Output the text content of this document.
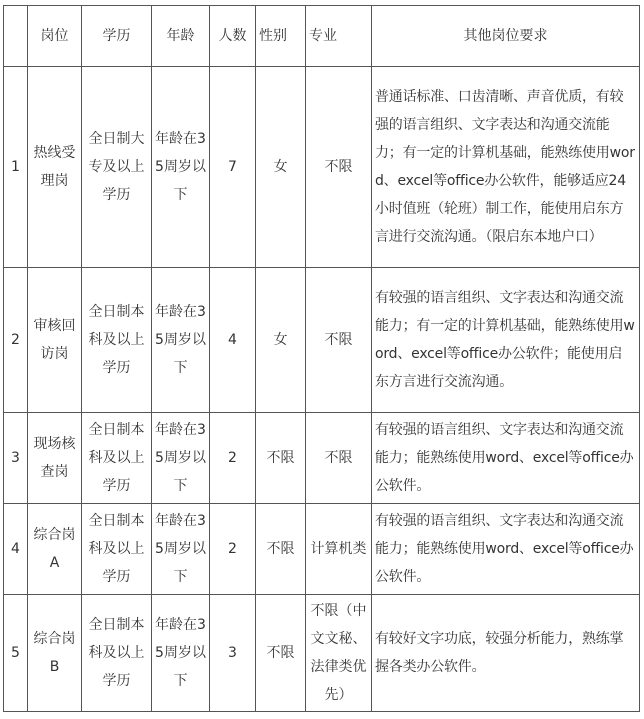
	岗位	学历	年龄	人数	性别	专业	其他岗位要求
1	热线受理岗	全日制大专及以上学历	年龄在35周岁以下	7	女	不限	普通话标准、口齿清晰、声音优质，有较强的语言组织、文字表达和沟通交流能力；有一定的计算机基础，能熟练使用word、excel等office办公软件，能够适应24小时值班（轮班）制工作，能使用启东方言进行交流沟通。（限启东本地户口）
2	审核回访岗	全日制本科及以上学历	年龄在35周岁以下	4	女	不限	有较强的语言组织、文字表达和沟通交流能力；有一定的计算机基础，能熟练使用word、excel等office办公软件；能使用启东方言进行交流沟通。
3	现场核查岗	全日制本科及以上学历	年龄在35周岁以下	2	不限	不限	有较强的语言组织、文字表达和沟通交流能力；能熟练使用word、excel等office办公软件。
4	综合岗A	全日制本科及以上学历	年龄在35周岁以下	2	不限	计算机类	有较强的语言组织、文字表达和沟通交流能力；能熟练使用word、excel等office办公软件。
5	综合岗B	全日制本科及以上学历	年龄在35周岁以下	3	不限	不限（中文文秘、法律类优先）	有较好文字功底，较强分析能力，熟练掌握各类办公软件。
